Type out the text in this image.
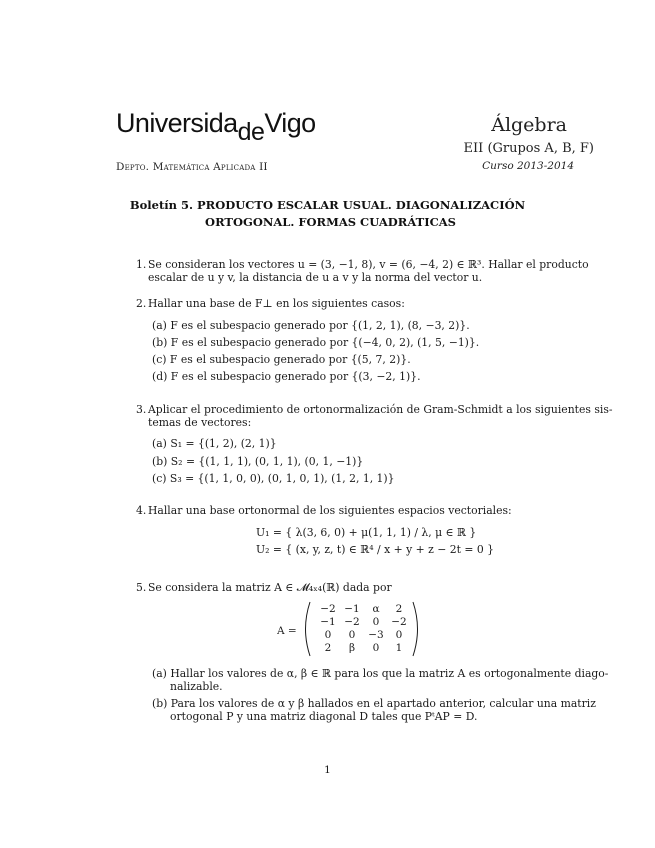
UniversidadeVigo	Álgebra
EII (Grupos A, B, F)
Depto. Matemática Aplicada II	Curso 2013-2014
Boletín 5. PRODUCTO ESCALAR USUAL. DIAGONALIZACIÓN
ORTOGONAL. FORMAS CUADRÁTICAS
1. Se consideran los vectores u = (3, −1, 8), v = (6, −4, 2) ∈ ℝ³. Hallar el producto
escalar de u y v, la distancia de u a v y la norma del vector u.
2. Hallar una base de F⊥ en los siguientes casos:
(a) F es el subespacio generado por {(1, 2, 1), (8, −3, 2)}.
(b) F es el subespacio generado por {(−4, 0, 2), (1, 5, −1)}.
(c) F es el subespacio generado por {(5, 7, 2)}.
(d) F es el subespacio generado por {(3, −2, 1)}.
3. Aplicar el procedimiento de ortonormalización de Gram-Schmidt a los siguientes sis-
temas de vectores:
(a) S₁ = {(1, 2), (2, 1)}
(b) S₂ = {(1, 1, 1), (0, 1, 1), (0, 1, −1)}
(c) S₃ = {(1, 1, 0, 0), (0, 1, 0, 1), (1, 2, 1, 1)}
4. Hallar una base ortonormal de los siguientes espacios vectoriales:
U₁ = { λ(3, 6, 0) + μ(1, 1, 1) / λ, μ ∈ ℝ }
U₂ = { (x, y, z, t) ∈ ℝ⁴ / x + y + z − 2t = 0 }
5. Se considera la matriz A ∈ 𝓜₄ₓ₄(ℝ) dada por
A =
−2 −1 α 2
−1 −2 0 −2
0 0 −3 0
2 β 0 1
(a) Hallar los valores de α, β ∈ ℝ para los que la matriz A es ortogonalmente diago-
nalizable.
(b) Para los valores de α y β hallados en el apartado anterior, calcular una matriz
ortogonal P y una matriz diagonal D tales que PᵗAP = D.
1
